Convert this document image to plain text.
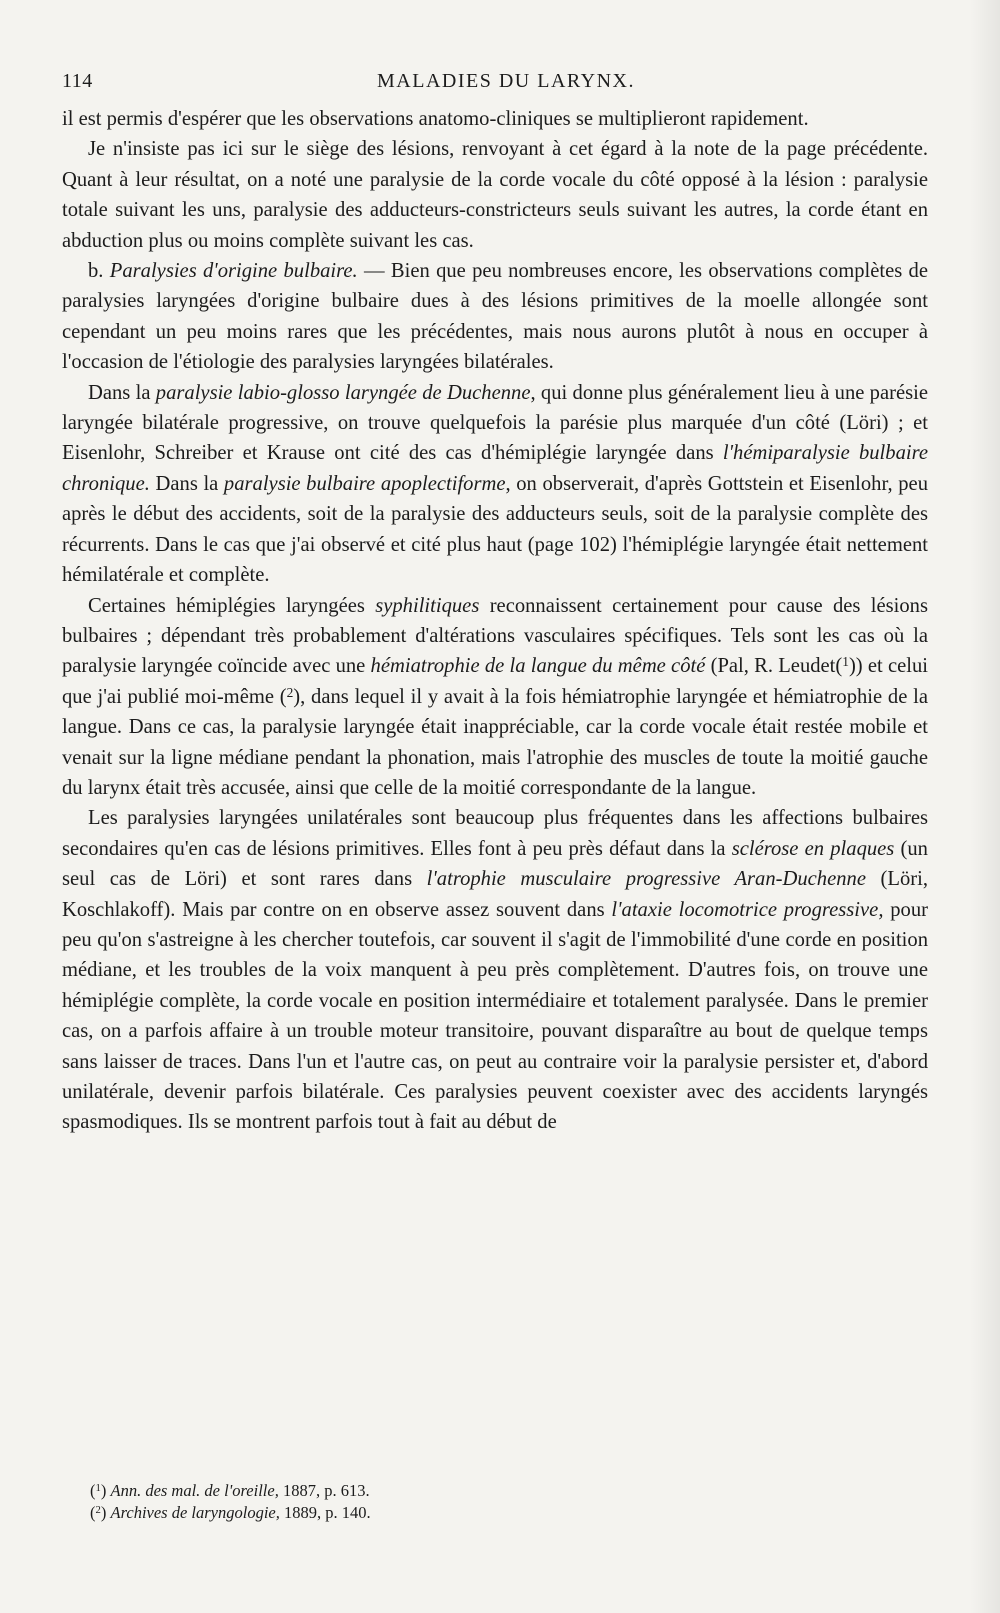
114	MALADIES DU LARYNX.

il est permis d'espérer que les observations anatomo-cliniques se multiplieront rapidement.

Je n'insiste pas ici sur le siège des lésions, renvoyant à cet égard à la note de la page précédente. Quant à leur résultat, on a noté une paralysie de la corde vocale du côté opposé à la lésion : paralysie totale suivant les uns, paralysie des adducteurs-constricteurs seuls suivant les autres, la corde étant en abduction plus ou moins complète suivant les cas.

b. Paralysies d'origine bulbaire. — Bien que peu nombreuses encore, les observations complètes de paralysies laryngées d'origine bulbaire dues à des lésions primitives de la moelle allongée sont cependant un peu moins rares que les précédentes, mais nous aurons plutôt à nous en occuper à l'occasion de l'étiologie des paralysies laryngées bilatérales.

Dans la paralysie labio-glosso laryngée de Duchenne, qui donne plus généralement lieu à une parésie laryngée bilatérale progressive, on trouve quelquefois la parésie plus marquée d'un côté (Löri) ; et Eisenlohr, Schreiber et Krause ont cité des cas d'hémiplégie laryngée dans l'hémiparalysie bulbaire chronique. Dans la paralysie bulbaire apoplectiforme, on observerait, d'après Gottstein et Eisenlohr, peu après le début des accidents, soit de la paralysie des adducteurs seuls, soit de la paralysie complète des récurrents. Dans le cas que j'ai observé et cité plus haut (page 102) l'hémiplégie laryngée était nettement hémilatérale et complète.

Certaines hémiplégies laryngées syphilitiques reconnaissent certainement pour cause des lésions bulbaires ; dépendant très probablement d'altérations vasculaires spécifiques. Tels sont les cas où la paralysie laryngée coïncide avec une hémiatrophie de la langue du même côté (Pal, R. Leudet($^1$)) et celui que j'ai publié moi-même ($^2$), dans lequel il y avait à la fois hémiatrophie laryngée et hémiatrophie de la langue. Dans ce cas, la paralysie laryngée était inappréciable, car la corde vocale était restée mobile et venait sur la ligne médiane pendant la phonation, mais l'atrophie des muscles de toute la moitié gauche du larynx était très accusée, ainsi que celle de la moitié correspondante de la langue.

Les paralysies laryngées unilatérales sont beaucoup plus fréquentes dans les affections bulbaires secondaires qu'en cas de lésions primitives. Elles font à peu près défaut dans la sclérose en plaques (un seul cas de Löri) et sont rares dans l'atrophie musculaire progressive Aran-Duchenne (Löri, Koschlakoff). Mais par contre on en observe assez souvent dans l'ataxie locomotrice progressive, pour peu qu'on s'astreigne à les chercher toutefois, car souvent il s'agit de l'immobilité d'une corde en position médiane, et les troubles de la voix manquent à peu près complètement. D'autres fois, on trouve une hémiplégie complète, la corde vocale en position intermédiaire et totalement paralysée. Dans le premier cas, on a parfois affaire à un trouble moteur transitoire, pouvant disparaître au bout de quelque temps sans laisser de traces. Dans l'un et l'autre cas, on peut au contraire voir la paralysie persister et, d'abord unilatérale, devenir parfois bilatérale. Ces paralysies peuvent coexister avec des accidents laryngés spasmodiques. Ils se montrent parfois tout à fait au début de

($^1$) Ann. des mal. de l'oreille, 1887, p. 613.

($^2$) Archives de laryngologie, 1889, p. 140.
